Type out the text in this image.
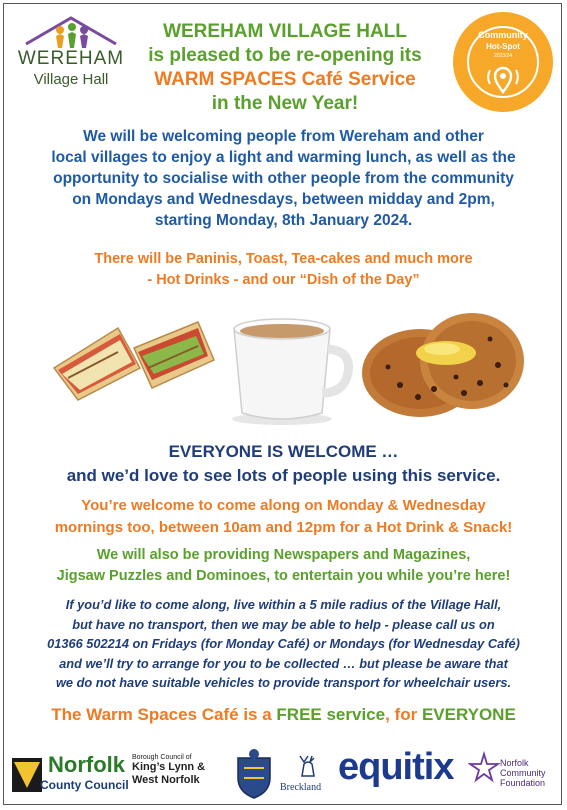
WEREHAM
Village Hall
WEREHAM VILLAGE HALL
is pleased to be re-opening its
WARM SPACES Café Service
in the New Year!
Community
Hot-Spot
2023/24
We will be welcoming people from Wereham and other
local villages to enjoy a light and warming lunch, as well as the
opportunity to socialise with other people from the community
on Mondays and Wednesdays, between midday and 2pm,
starting Monday, 8th January 2024.
There will be Paninis, Toast, Tea-cakes and much more
- Hot Drinks - and our “Dish of the Day”
EVERYONE IS WELCOME …
and we’d love to see lots of people using this service.
You’re welcome to come along on Monday & Wednesday
mornings too, between 10am and 12pm for a Hot Drink & Snack!
We will also be providing Newspapers and Magazines,
Jigsaw Puzzles and Dominoes, to entertain you while you’re here!
If you’d like to come along, live within a 5 mile radius of the Village Hall,
but have no transport, then we may be able to help - please call us on
01366 502214 on Fridays (for Monday Café) or Mondays (for Wednesday Café)
and we’ll try to arrange for you to be collected … but please be aware that
we do not have suitable vehicles to provide transport for wheelchair users.
The Warm Spaces Café is a FREE service, for EVERYONE
Norfolk
County Council
Borough Council of
King’s Lynn &
West Norfolk
Breckland equitix	Norfolk
Community
Foundation
